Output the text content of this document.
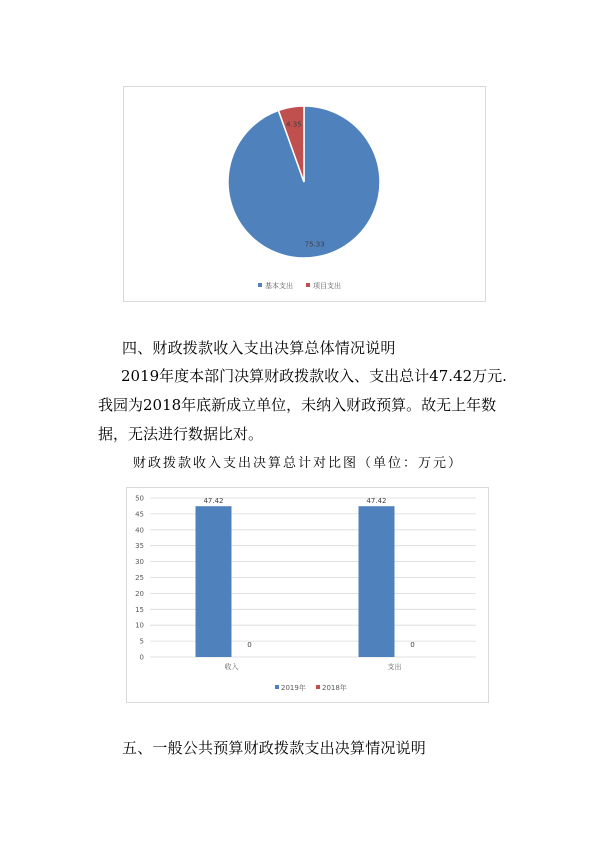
75.33
4.35
基本支出	项目支出
四、财政拨款收入支出决算总体情况说明
2019年度本部门决算财政拨款收入、支出总计47.42万元.
我园为2018年底新成立单位，未纳入财政预算。故无上年数
据，无法进行数据比对。
财政拨款收入支出决算总计对比图（单位：万元）
0
5
10
15
20
25
30
35
40
45
50	47.42
0
收入
47.42
0
支出
2019年 2018年
五、一般公共预算财政拨款支出决算情况说明
